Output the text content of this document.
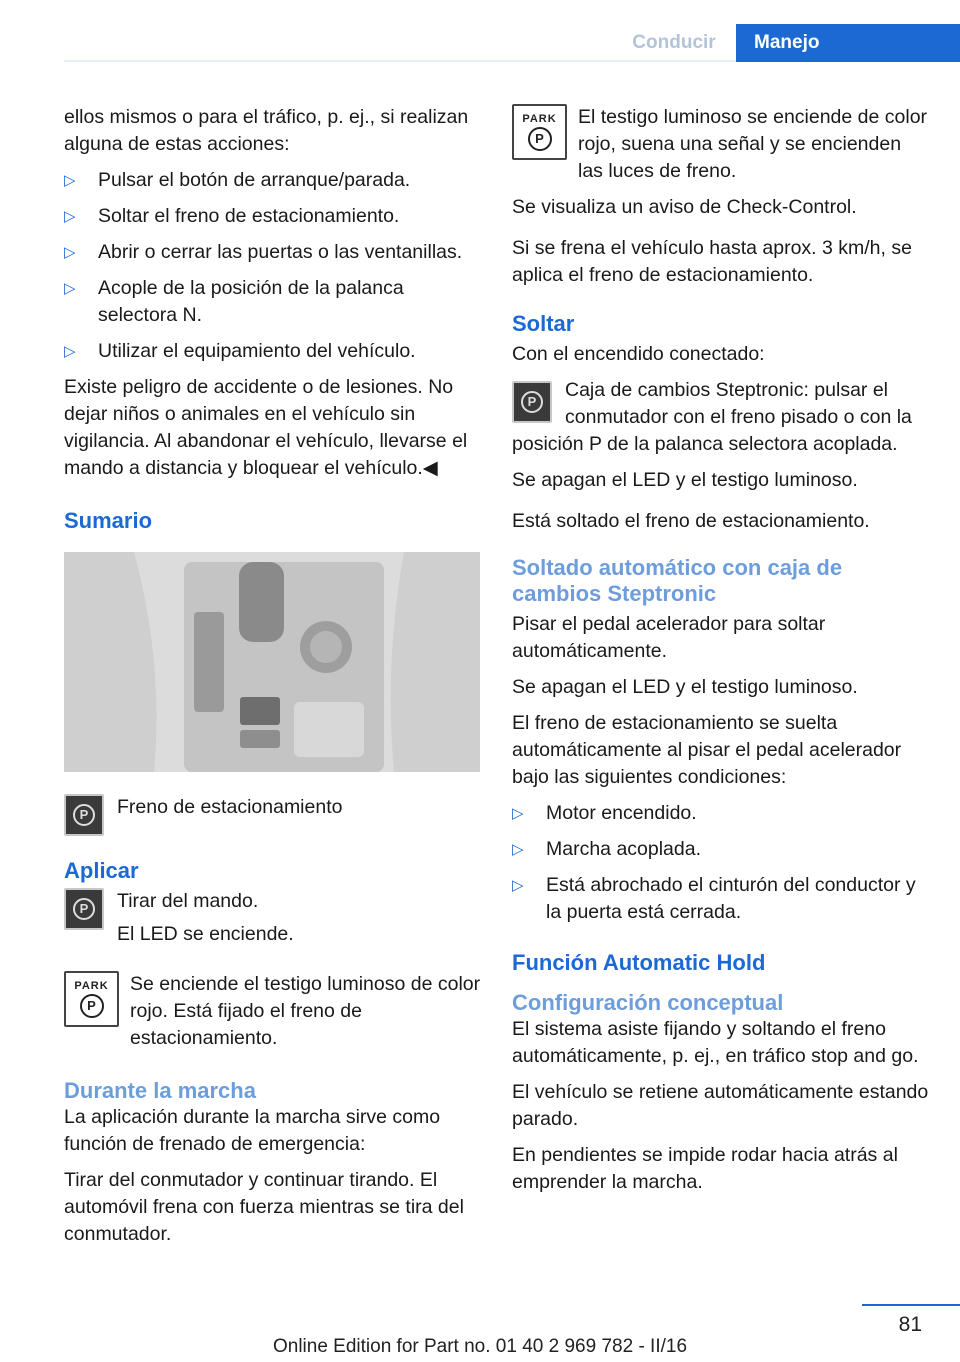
Conducir	Manejo

ellos mismos o para el tráfico, p. ej., si realizan alguna de estas acciones:

▷	Pulsar el botón de arranque/parada.
▷	Soltar el freno de estacionamiento.
▷	Abrir o cerrar las puertas o las ventanillas.
▷	Acople de la posición de la palanca selectora N.
▷	Utilizar el equipamiento del vehículo.

Existe peligro de accidente o de lesiones. No dejar niños o animales en el vehículo sin vigilancia. Al abandonar el vehículo, llevarse el mando a distancia y bloquear el vehículo.◀

Sumario
P	Freno de estacionamiento
Aplicar
P	Tirar del mando.

El LED se enciende.

PARK
P
Se enciende el testigo luminoso de color rojo. Está fijado el freno de estacionamiento.
Durante la marcha

La aplicación durante la marcha sirve como función de frenado de emergencia:

Tirar del conmutador y continuar tirando. El automóvil frena con fuerza mientras se tira del conmutador.

PARK
P
El testigo luminoso se enciende de color rojo, suena una señal y se encienden las luces de freno.

Se visualiza un aviso de Check-Control.

Si se frena el vehículo hasta aprox. 3 km/h, se aplica el freno de estacionamiento.

Soltar

Con el encendido conectado:

P
Caja de cambios Steptronic: pulsar el conmutador con el freno pisado o con la posición P de la palanca selectora acoplada.

Se apagan el LED y el testigo luminoso.

Está soltado el freno de estacionamiento.

Soltado automático con caja de cambios Steptronic

Pisar el pedal acelerador para soltar automáticamente.

Se apagan el LED y el testigo luminoso.

El freno de estacionamiento se suelta automáticamente al pisar el pedal acelerador bajo las siguientes condiciones:

▷	Motor encendido.
▷	Marcha acoplada.
▷	Está abrochado el cinturón del conductor y la puerta está cerrada.
Función Automatic Hold
Configuración conceptual

El sistema asiste fijando y soltando el freno automáticamente, p. ej., en tráfico stop and go.

El vehículo se retiene automáticamente estando parado.

En pendientes se impide rodar hacia atrás al emprender la marcha.

81
Online Edition for Part no. 01 40 2 969 782 - II/16
